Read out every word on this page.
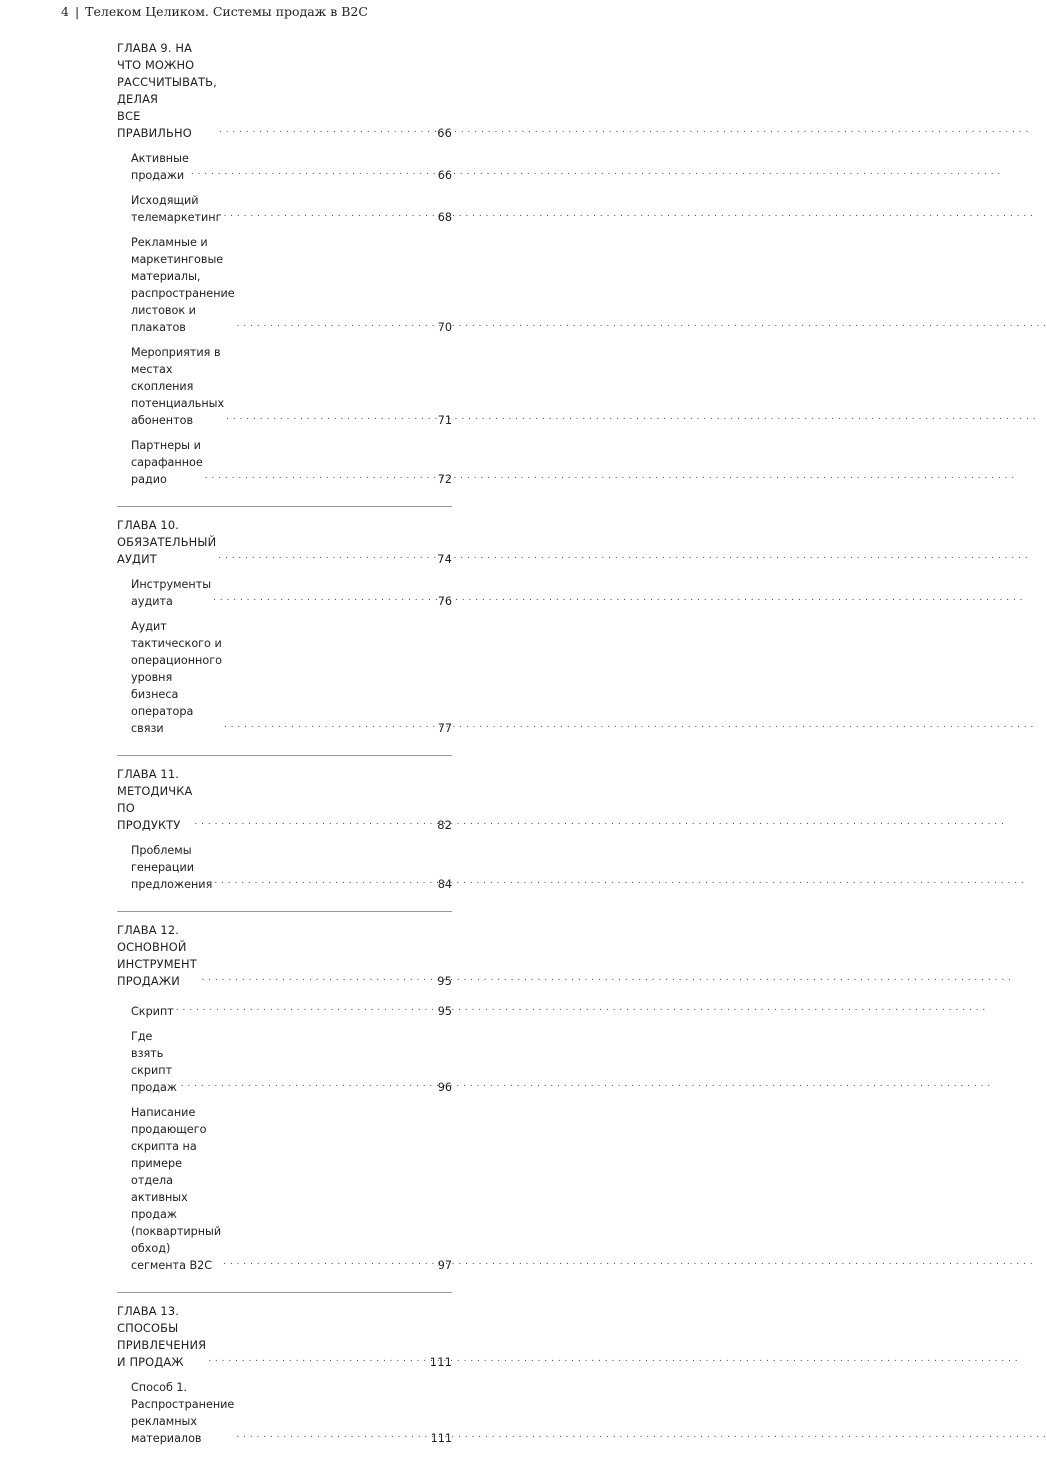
4 | Телеком Целиком. Системы продаж в B2C
ГЛАВА 9. НА ЧТО МОЖНО РАССЧИТЫВАТЬ, ДЕЛАЯ
ВСЕ ПРАВИЛЬНО . . .	66
Активные продажи . . .	66
Исходящий телемаркетинг . . .	68
Рекламные и маркетинговые материалы,
распространение листовок и плакатов . . .	70
Мероприятия в местах скопления
потенциальных абонентов . . .	71
Партнеры и сарафанное радио . . .	72
ГЛАВА 10. ОБЯЗАТЕЛЬНЫЙ АУДИТ . . .	74
Инструменты аудита . . .	76
Аудит тактического и операционного
уровня бизнеса оператора связи . . .	77
ГЛАВА 11. МЕТОДИЧКА ПО ПРОДУКТУ . . .	82
Проблемы генерации предложения . . .	84
ГЛАВА 12. ОСНОВНОЙ ИНСТРУМЕНТ ПРОДАЖИ . . .	95
Скрипт . . .	95
Где взять скрипт продаж . . .	96
Написание продающего скрипта на примере
отдела активных продаж (поквартирный обход)
сегмента B2C . . .	97
ГЛАВА 13. СПОСОБЫ ПРИВЛЕЧЕНИЯ И ПРОДАЖ . . .	111
Способ 1. Распространение рекламных
материалов . . .	111
